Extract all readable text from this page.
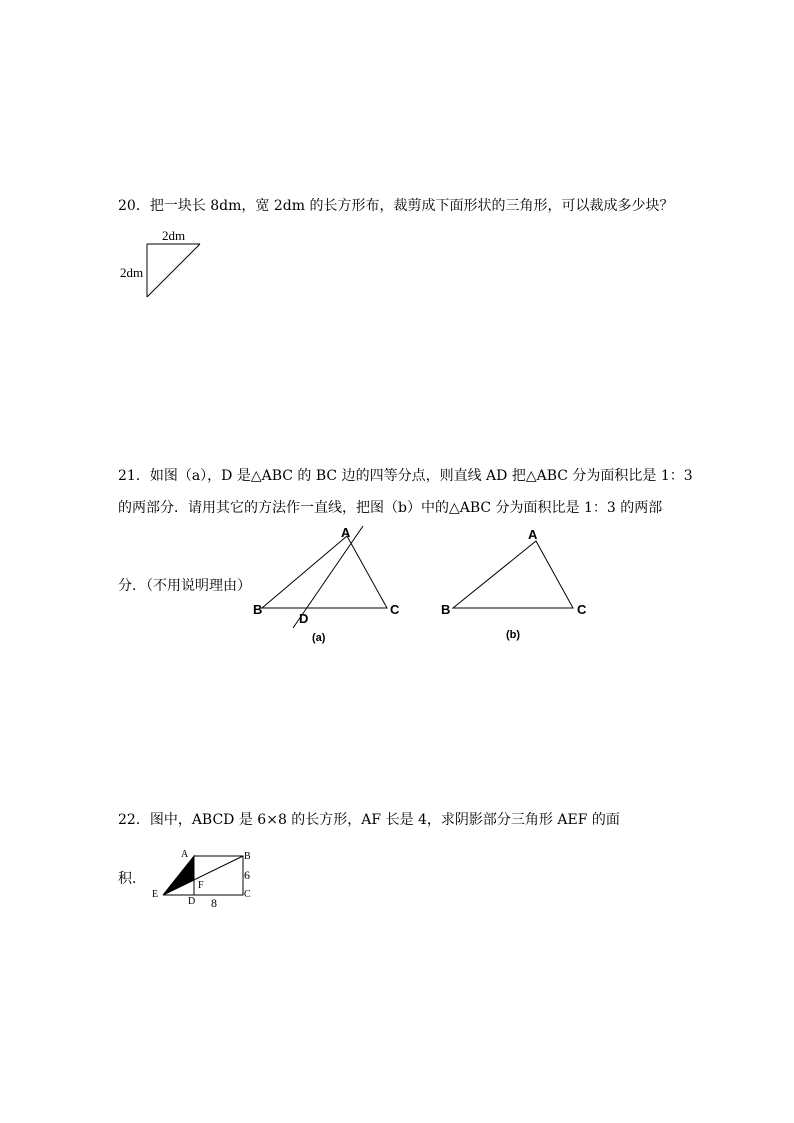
20．把一块长 8dm，宽 2dm 的长方形布，裁剪成下面形状的三角形，可以裁成多少块？
2dm
2dm
21．如图（a），D 是△ABC 的 BC 边的四等分点，则直线 AD 把△ABC 分为面积比是 1：3
的两部分．请用其它的方法作一直线，把图（b）中的△ABC 分为面积比是 1：3 的两部
分．（不用说明理由）
A
B	C
D
(a)
A
B	C
(b)
22．图中，ABCD 是 6×8 的长方形，AF 长是 4，求阴影部分三角形 AEF 的面
积．
A	B
C
D
E
F
6
8
